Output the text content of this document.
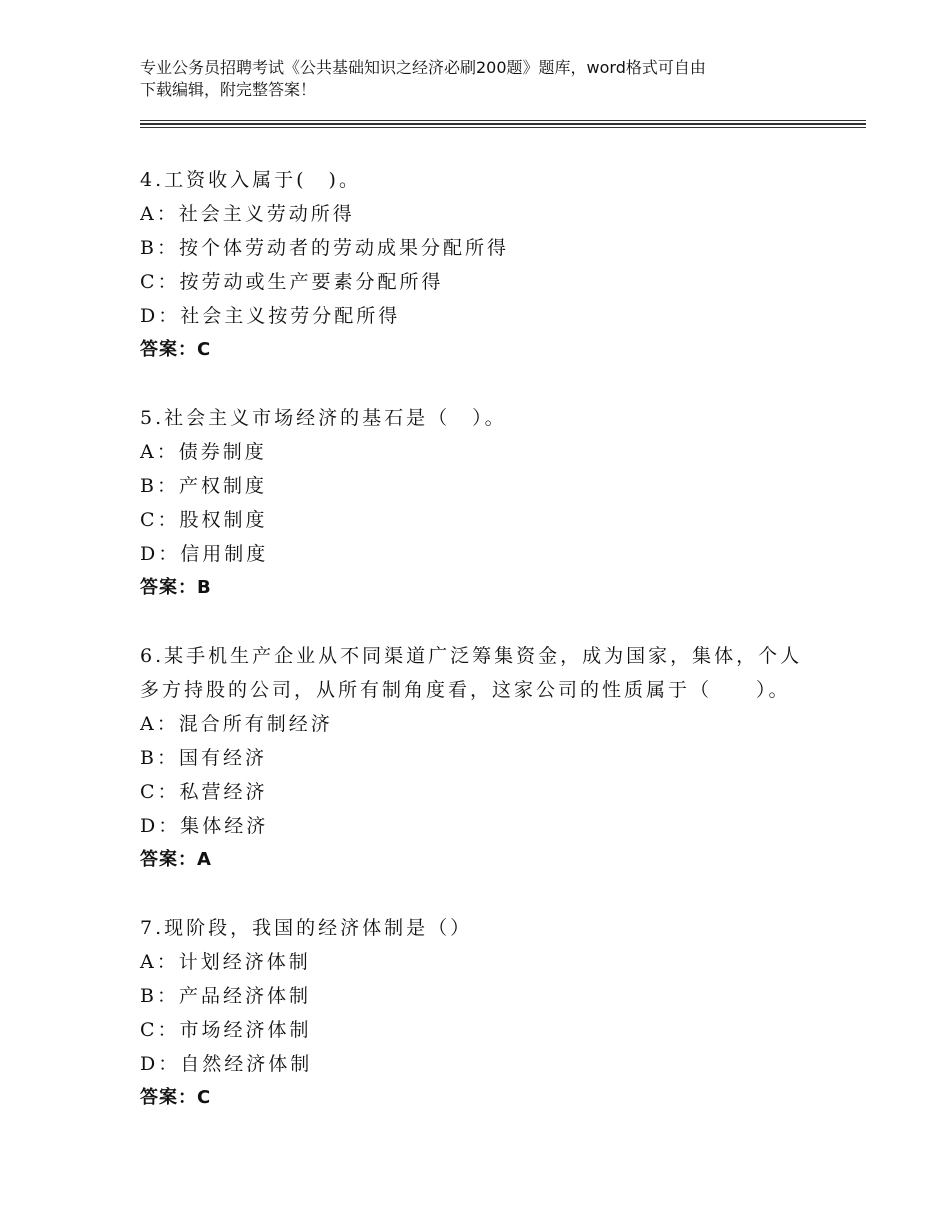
专业公务员招聘考试《公共基础知识之经济必刷200题》题库，word格式可自由
下载编辑，附完整答案！
4.工资收入属于(　)。
A：社会主义劳动所得
B：按个体劳动者的劳动成果分配所得
C：按劳动或生产要素分配所得
D：社会主义按劳分配所得
答案：C
5.社会主义市场经济的基石是（　）。
A：债券制度
B：产权制度
C：股权制度
D：信用制度
答案：B
6.某手机生产企业从不同渠道广泛筹集资金，成为国家，集体，个人
多方持股的公司，从所有制角度看，这家公司的性质属于（　　）。
A：混合所有制经济
B：国有经济
C：私营经济
D：集体经济
答案：A
7.现阶段，我国的经济体制是（）
A：计划经济体制
B：产品经济体制
C：市场经济体制
D：自然经济体制
答案：C
